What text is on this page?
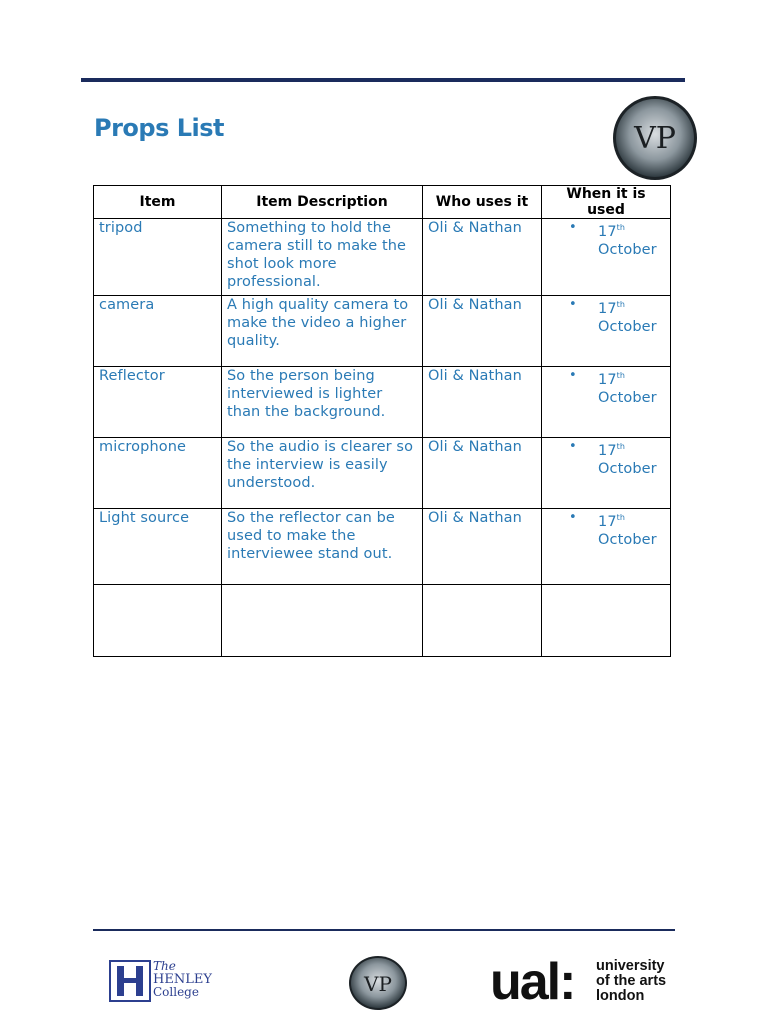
Props List	VP
Item	Item Description	Who uses it	When it is used
tripod	Something to hold the camera still to make the shot look more professional.	Oli & Nathan	• 17th
October

camera	A high quality camera to make the video a higher quality.	Oli & Nathan	• 17th
October

Reflector	So the person being interviewed is lighter than the background.	Oli & Nathan	• 17th
October

microphone	So the audio is clearer so the interview is easily understood.	Oli & Nathan	• 17th
October

Light source	So the reflector can be used to make the interviewee stand out.	Oli & Nathan	• 17th
October

The
HENLEY
College	VP ual: university
of the arts
london
